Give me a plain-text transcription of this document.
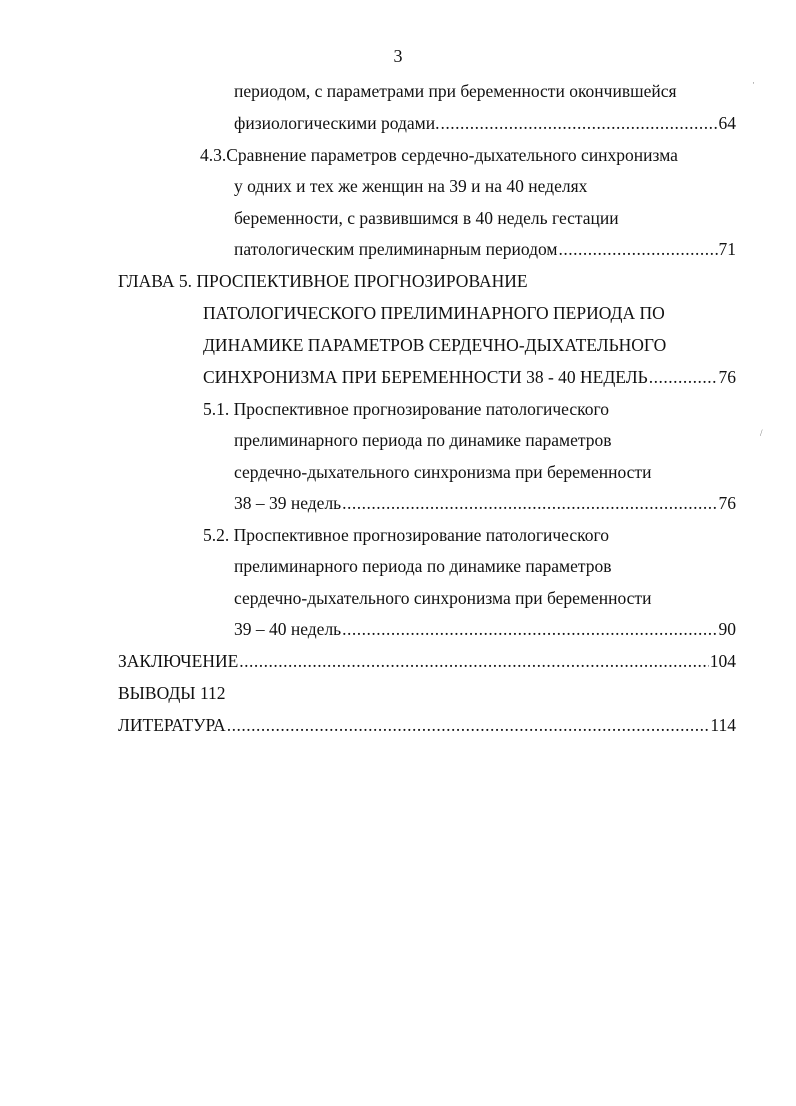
3
периодом, с параметрами при беременности окончившейся
физиологическими родами. .....	64
4.3.Сравнение параметров сердечно-дыхательного синхронизма
у одних и тех же женщин на 39 и на 40 неделях
беременности, с развившимся в 40 недель гестации
патологическим прелиминарным периодом .....	71
ГЛАВА 5. ПРОСПЕКТИВНОЕ ПРОГНОЗИРОВАНИЕ
ПАТОЛОГИЧЕСКОГО ПРЕЛИМИНАРНОГО ПЕРИОДА ПО
ДИНАМИКЕ ПАРАМЕТРОВ СЕРДЕЧНО-ДЫХАТЕЛЬНОГО
СИНХРОНИЗМА ПРИ БЕРЕМЕННОСТИ 38 - 40 НЕДЕЛЬ .....	76
5.1. Проспективное прогнозирование патологического
прелиминарного периода по динамике параметров
сердечно-дыхательного синхронизма при беременности
38 – 39 недель .....	76
5.2. Проспективное прогнозирование патологического
прелиминарного периода по динамике параметров
сердечно-дыхательного синхронизма при беременности
39 – 40 недель .....	90
ЗАКЛЮЧЕНИЕ .....	104
ВЫВОДЫ 112
ЛИТЕРАТУРА .....	114
·
/
